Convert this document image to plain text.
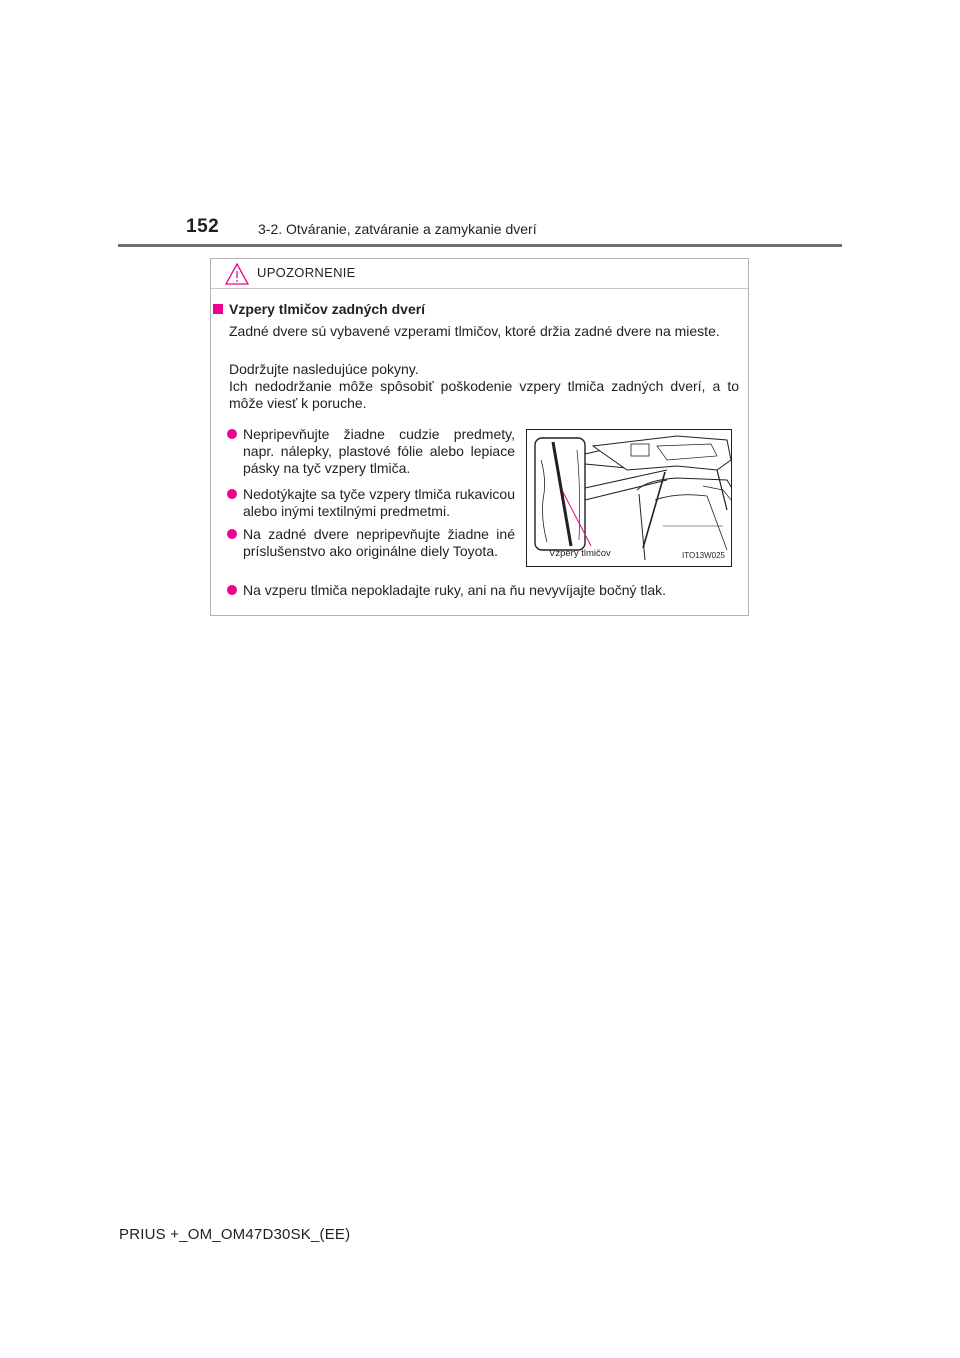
152	3-2. Otváranie, zatváranie a zamykanie dverí
UPOZORNENIE
Vzpery tlmičov zadných dverí
Zadné dvere sú vybavené vzperami tlmičov, ktoré držia zadné dvere na mieste.
Dodržujte nasledujúce pokyny.
Ich nedodržanie môže spôsobiť poškodenie vzpery tlmiča zadných dverí, a to môže viesť k poruche.
Nepripevňujte žiadne cudzie predmety, napr. nálepky, plastové fólie alebo lepiace pásky na tyč vzpery tlmiča.
Nedotýkajte sa tyče vzpery tlmiča rukavicou alebo inými textilnými predmetmi.
Na zadné dvere nepripevňujte žiadne iné príslušenstvo ako originálne diely Toyota.
Na vzperu tlmiča nepokladajte ruky, ani na ňu nevyvíjajte bočný tlak.
Vzpery tlmičov	ITO13W025
PRIUS +_OM_OM47D30SK_(EE)
